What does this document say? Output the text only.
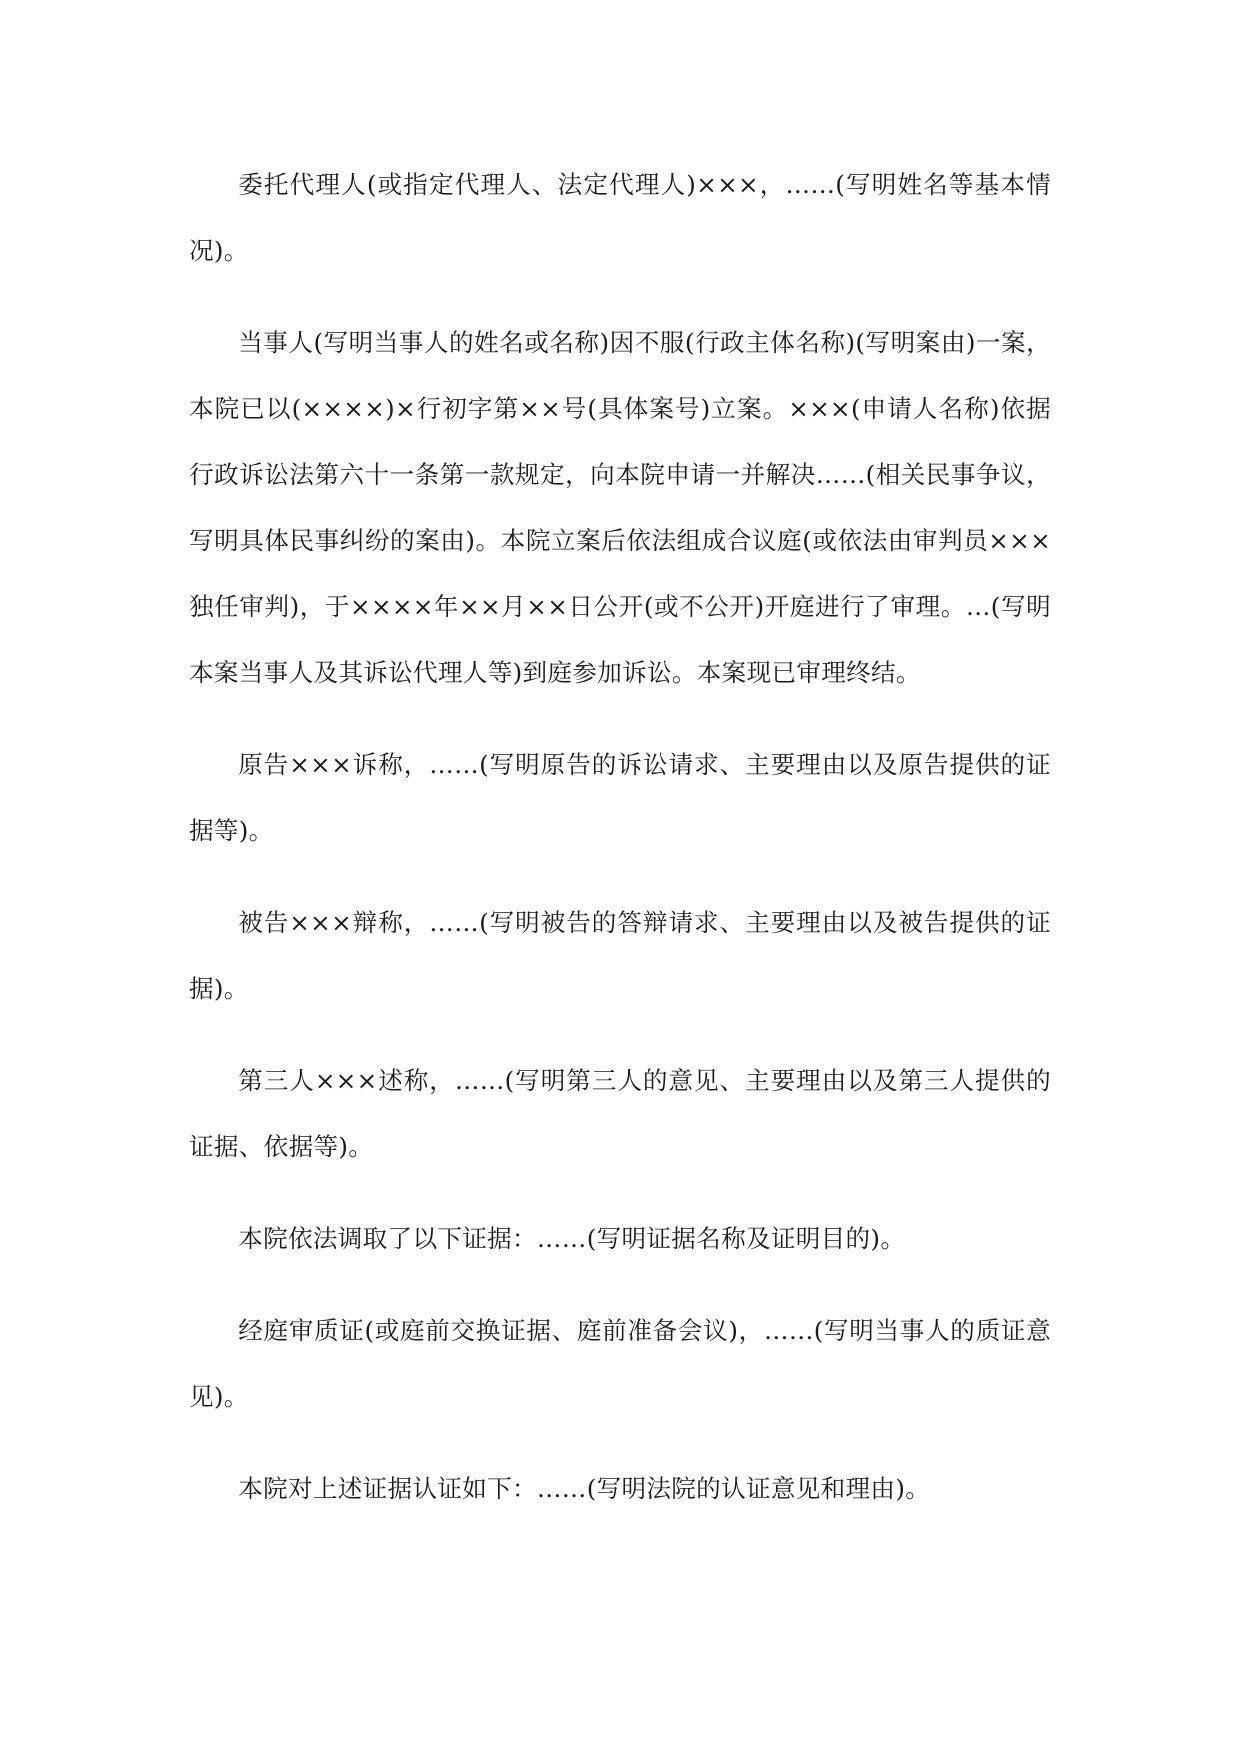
委托代理人(或指定代理人、法定代理人)×××，……(写明姓名等基本情况)。

当事人(写明当事人的姓名或名称)因不服(行政主体名称)(写明案由)一案，本院已以(××××)×行初字第××号(具体案号)立案。×××(申请人名称)依据行政诉讼法第六十一条第一款规定，向本院申请一并解决……(相关民事争议，写明具体民事纠纷的案由)。本院立案后依法组成合议庭(或依法由审判员×××独任审判)，于××××年××月××日公开(或不公开)开庭进行了审理。…(写明本案当事人及其诉讼代理人等)到庭参加诉讼。本案现已审理终结。

原告×××诉称，……(写明原告的诉讼请求、主要理由以及原告提供的证据等)。

被告×××辩称，……(写明被告的答辩请求、主要理由以及被告提供的证据)。

第三人×××述称，……(写明第三人的意见、主要理由以及第三人提供的证据、依据等)。

本院依法调取了以下证据：……(写明证据名称及证明目的)。

经庭审质证(或庭前交换证据、庭前准备会议)，……(写明当事人的质证意见)。

本院对上述证据认证如下：……(写明法院的认证意见和理由)。
